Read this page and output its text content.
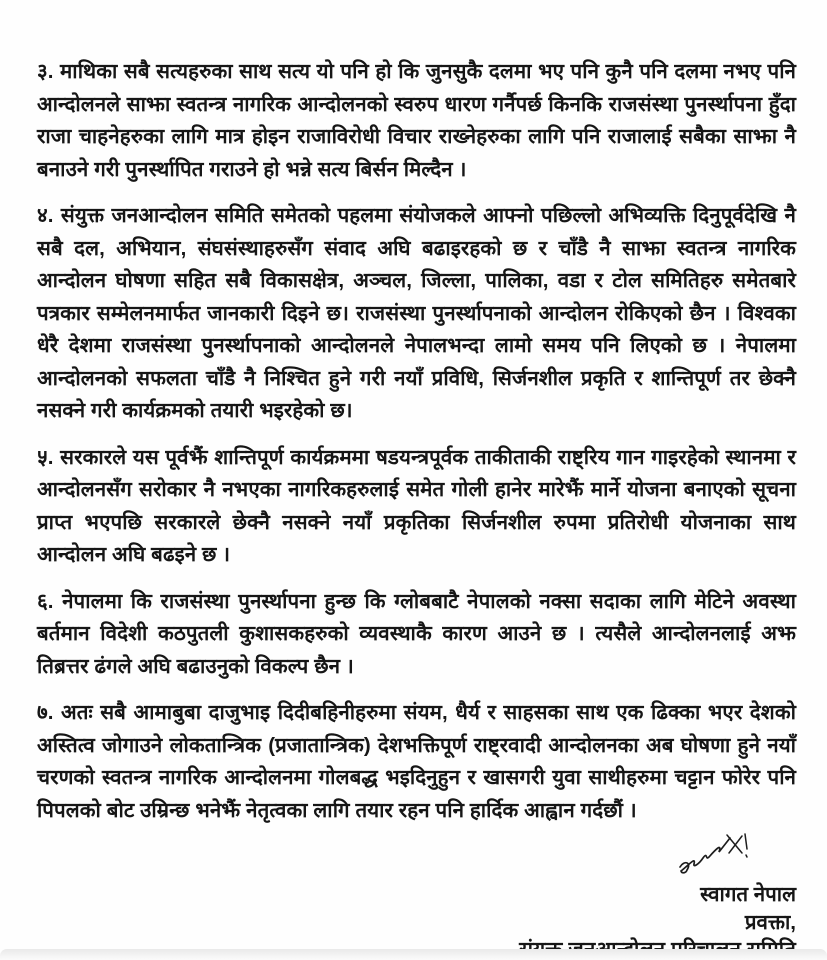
३. माथिका सबै सत्यहरुका साथ सत्य यो पनि हो कि जुनसुकै दलमा भए पनि कुनै पनि दलमा नभए पनि आन्दोलनले साझा स्वतन्त्र नागरिक आन्दोलनको स्वरुप धारण गर्नैपर्छ किनकि राजसंस्था पुनर्स्थापना हुँदा राजा चाहनेहरुका लागि मात्र होइन राजाविरोधी विचार राख्नेहरुका लागि पनि राजालाई सबैका साझा नै बनाउने गरी पुनर्स्थापित गराउने हो भन्ने सत्य बिर्सन मिल्दैन ।

४. संयुक्त जनआन्दोलन समिति समेतको पहलमा संयोजकले आफ्नो पछिल्लो अभिव्यक्ति दिनुपूर्वदेखि नै सबै दल, अभियान, संघसंस्थाहरुसँग संवाद अघि बढाइरहको छ र चाँडै नै साझा स्वतन्त्र नागरिक आन्दोलन घोषणा सहित सबै विकासक्षेत्र, अञ्चल, जिल्ला, पालिका, वडा र टोल समितिहरु समेतबारे पत्रकार सम्मेलनमार्फत जानकारी दिइने छ। राजसंस्था पुनर्स्थापनाको आन्दोलन रोकिएको छैन । विश्वका धेरै देशमा राजसंस्था पुनर्स्थापनाको आन्दोलनले नेपालभन्दा लामो समय पनि लिएको छ । नेपालमा आन्दोलनको सफलता चाँडै नै निश्चित हुने गरी नयाँ प्रविधि, सिर्जनशील प्रकृति र शान्तिपूर्ण तर छेक्नै नसक्ने गरी कार्यक्रमको तयारी भइरहेको छ।

५. सरकारले यस पूर्वझैं शान्तिपूर्ण कार्यक्रममा षडयन्त्रपूर्वक ताकीताकी राष्ट्रिय गान गाइरहेको स्थानमा र आन्दोलनसँग सरोकार नै नभएका नागरिकहरुलाई समेत गोली हानेर मारेझैं मार्ने योजना बनाएको सूचना प्राप्त भएपछि सरकारले छेक्नै नसक्ने नयाँ प्रकृतिका सिर्जनशील रुपमा प्रतिरोधी योजनाका साथ आन्दोलन अघि बढइने छ ।

६. नेपालमा कि राजसंस्था पुनर्स्थापना हुन्छ कि ग्लोबबाटै नेपालको नक्सा सदाका लागि मेटिने अवस्था बर्तमान विदेशी कठपुतली कुशासकहरुको व्यवस्थाकै कारण आउने छ । त्यसैले आन्दोलनलाई अझ तिब्रत्तर ढंगले अघि बढाउनुको विकल्प छैन ।

७. अतः सबै आमाबुबा दाजुभाइ दिदीबहिनीहरुमा संयम, धैर्य र साहसका साथ एक ढिक्का भएर देशको अस्तित्व जोगाउने लोकतान्त्रिक (प्रजातान्त्रिक) देशभक्तिपूर्ण राष्ट्रवादी आन्दोलनका अब घोषणा हुने नयाँ चरणको स्वतन्त्र नागरिक आन्दोलनमा गोलबद्ध भइदिनुहुन र खासगरी युवा साथीहरुमा चट्टान फोरेर पनि पिपलको बोट उम्रिन्छ भनेझैं नेतृत्वका लागि तयार रहन पनि हार्दिक आह्वान गर्दछौं ।

स्वागत नेपाल
प्रवक्ता,
